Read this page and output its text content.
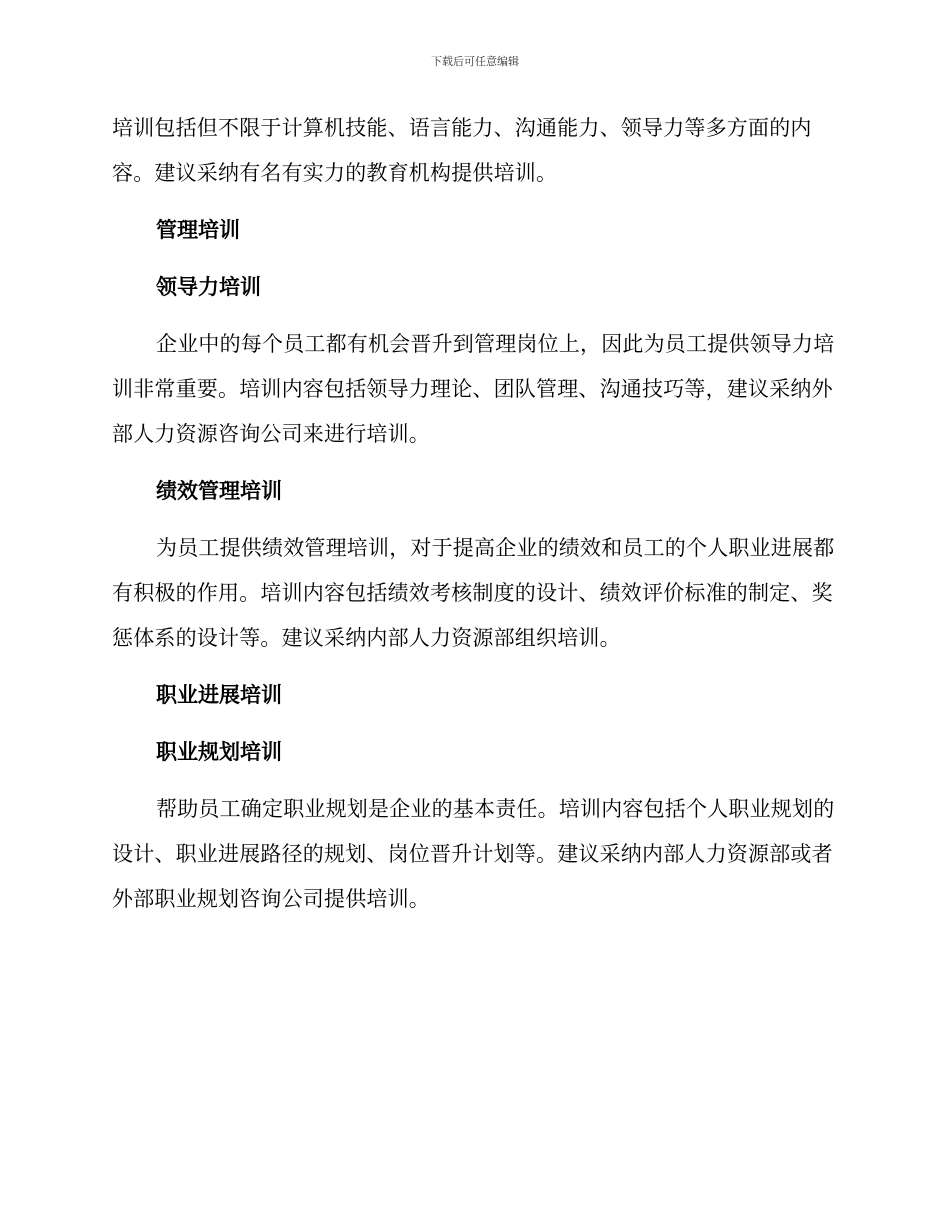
下载后可任意编辑

培训包括但不限于计算机技能、语言能力、沟通能力、领导力等多方面的内容。建议采纳有名有实力的教育机构提供培训。

管理培训
领导力培训

企业中的每个员工都有机会晋升到管理岗位上，因此为员工提供领导力培训非常重要。培训内容包括领导力理论、团队管理、沟通技巧等，建议采纳外部人力资源咨询公司来进行培训。

绩效管理培训

为员工提供绩效管理培训，对于提高企业的绩效和员工的个人职业进展都有积极的作用。培训内容包括绩效考核制度的设计、绩效评价标准的制定、奖惩体系的设计等。建议采纳内部人力资源部组织培训。

职业进展培训
职业规划培训

帮助员工确定职业规划是企业的基本责任。培训内容包括个人职业规划的设计、职业进展路径的规划、岗位晋升计划等。建议采纳内部人力资源部或者外部职业规划咨询公司提供培训。
